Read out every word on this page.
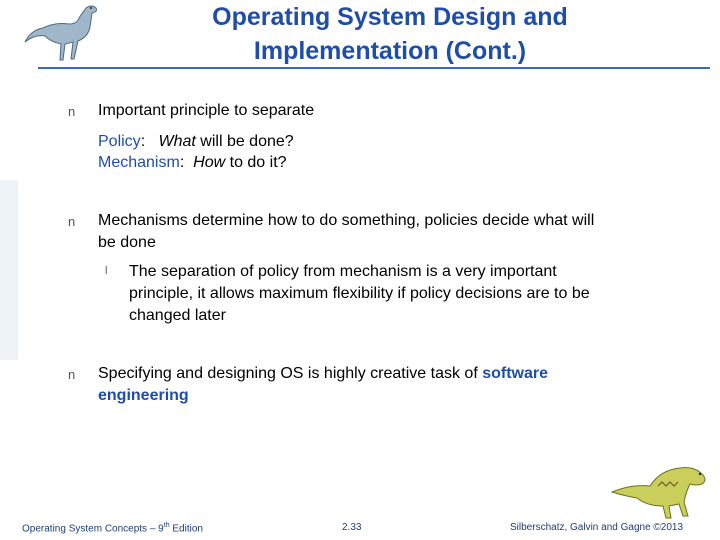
Operating System Design and
Implementation (Cont.)
n Important principle to separate
Policy: What will be done?
Mechanism: How to do it?
n Mechanisms determine how to do something, policies decide what will
be done
l The separation of policy from mechanism is a very important
principle, it allows maximum flexibility if policy decisions are to be
changed later
n Specifying and designing OS is highly creative task of software
engineering
Operating System Concepts – 9th Edition	2.33	Silberschatz, Galvin and Gagne ©2013
